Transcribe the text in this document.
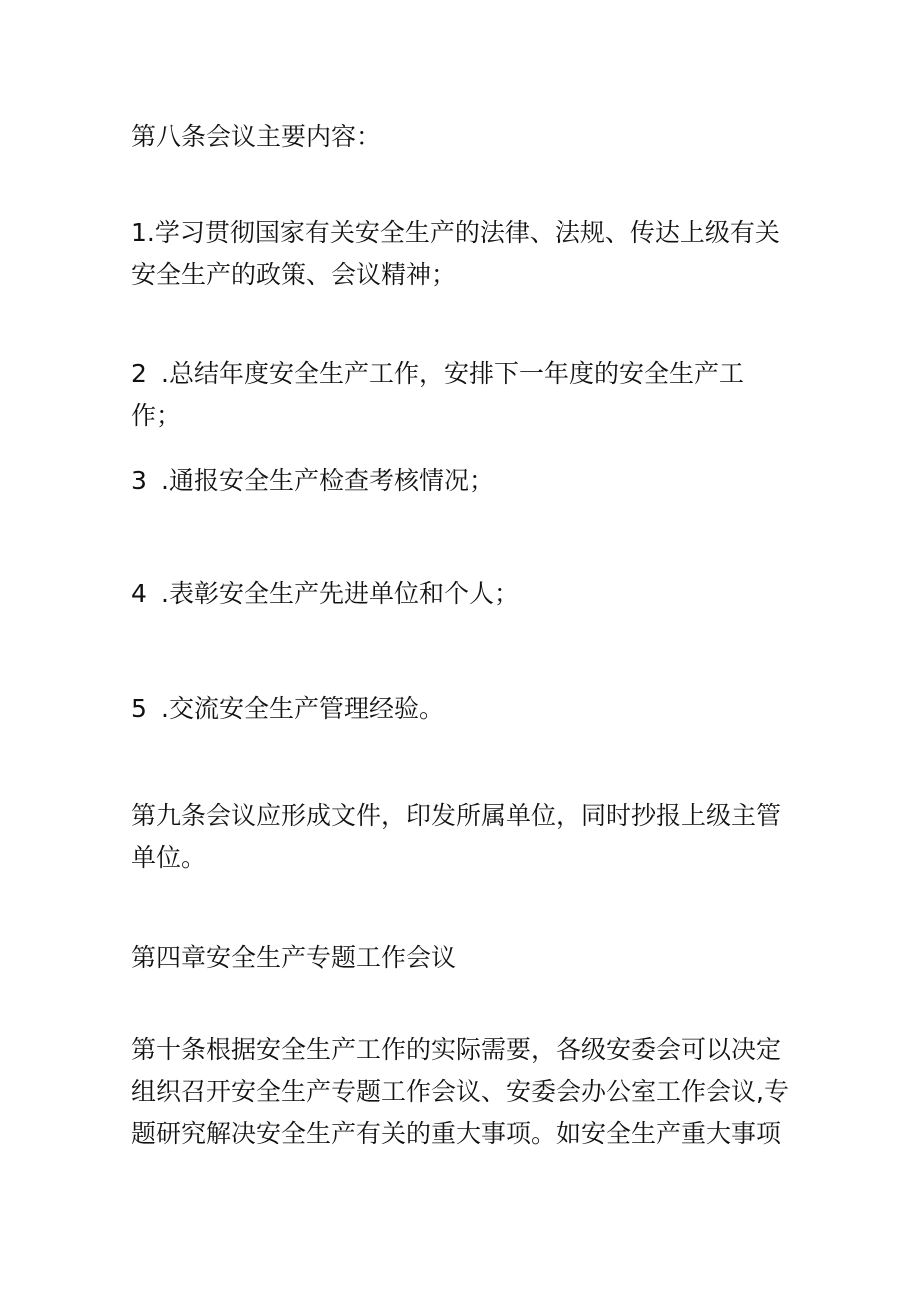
第八条会议主要内容：

1.学习贯彻国家有关安全生产的法律、法规、传达上级有关安全生产的政策、会议精神；

2 .总结年度安全生产工作，安排下一年度的安全生产工作；

3 .通报安全生产检查考核情况；

4 .表彰安全生产先进单位和个人；

5 .交流安全生产管理经验。

第九条会议应形成文件，印发所属单位，同时抄报上级主管单位。

第四章安全生产专题工作会议

第十条根据安全生产工作的实际需要，各级安委会可以决定组织召开安全生产专题工作会议、安委会办公室工作会议,专题研究解决安全生产有关的重大事项。如安全生产重大事项
